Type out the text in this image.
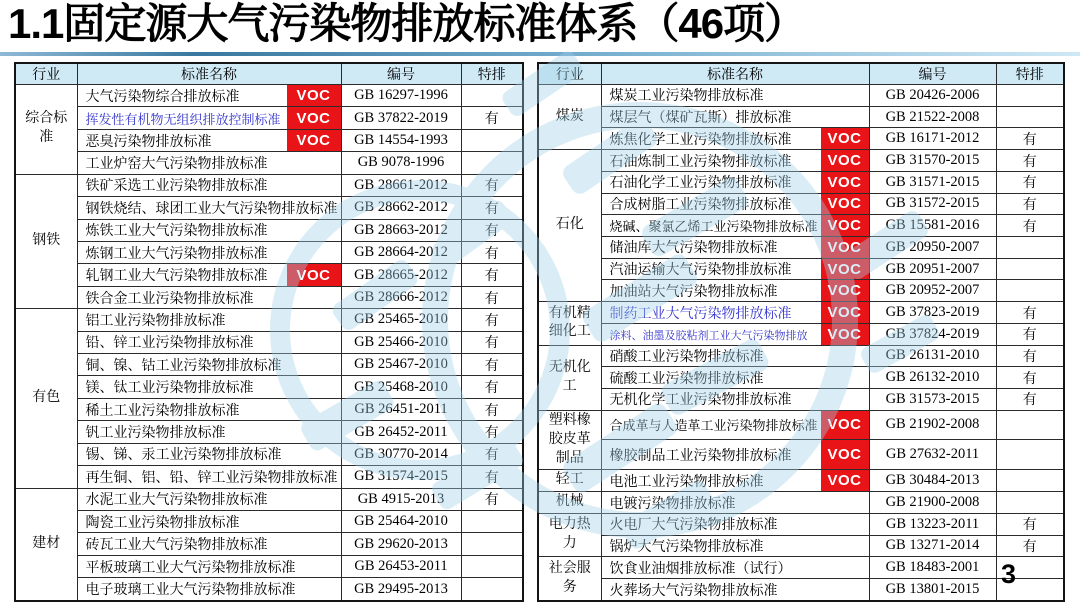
1.1固定源大气污染物排放标准体系（46项）
行业	标准名称	编号	特排
综合标准	大气污染物综合排放标准 VOC	GB 16297-1996	
	挥发性有机物无组织排放控制标准 VOC	GB 37822-2019	有
	恶臭污染物排放标准 VOC	GB 14554-1993	
	工业炉窑大气污染物排放标准	GB 9078-1996	
钢铁	铁矿采选工业污染物排放标准	GB 28661-2012	有
	钢铁烧结、球团工业大气污染物排放标准	GB 28662-2012	有
	炼铁工业大气污染物排放标准	GB 28663-2012	有
	炼钢工业大气污染物排放标准	GB 28664-2012	有
	轧钢工业大气污染物排放标准 VOC	GB 28665-2012	有
	铁合金工业污染物排放标准	GB 28666-2012	有
有色	铝工业污染物排放标准	GB 25465-2010	有
	铅、锌工业污染物排放标准	GB 25466-2010	有
	铜、镍、钴工业污染物排放标准	GB 25467-2010	有
	镁、钛工业污染物排放标准	GB 25468-2010	有
	稀土工业污染物排放标准	GB 26451-2011	有
	钒工业污染物排放标准	GB 26452-2011	有
	锡、锑、汞工业污染物排放标准	GB 30770-2014	有
	再生铜、铝、铅、锌工业污染物排放标准	GB 31574-2015	有
建材	水泥工业大气污染物排放标准	GB 4915-2013	有
	陶瓷工业污染物排放标准	GB 25464-2010	
	砖瓦工业大气污染物排放标准	GB 29620-2013	
	平板玻璃工业大气污染物排放标准	GB 26453-2011	
	电子玻璃工业大气污染物排放标准	GB 29495-2013	
行业	标准名称	编号	特排
煤炭	煤炭工业污染物排放标准	GB 20426-2006	
	煤层气（煤矿瓦斯）排放标准	GB 21522-2008	
	炼焦化学工业污染物排放标准 VOC	GB 16171-2012	有
石化	石油炼制工业污染物排放标准 VOC	GB 31570-2015	有
	石油化学工业污染物排放标准 VOC	GB 31571-2015	有
	合成树脂工业污染物排放标准 VOC	GB 31572-2015	有
	烧碱、聚氯乙烯工业污染物排放标准 VOC	GB 15581-2016	有
	储油库大气污染物排放标准 VOC	GB 20950-2007	
	汽油运输大气污染物排放标准 VOC	GB 20951-2007	
	加油站大气污染物排放标准 VOC	GB 20952-2007	
有机精细化工	制药工业大气污染物排放标准 VOC	GB 37823-2019	有
	涂料、油墨及胶粘剂工业大气污染物排放 VOC	GB 37824-2019	有
无机化工	硝酸工业污染物排放标准	GB 26131-2010	有
	硫酸工业污染物排放标准	GB 26132-2010	有
	无机化学工业污染物排放标准	GB 31573-2015	有
塑料橡胶皮革制品	合成革与人造革工业污染物排放标准 VOC	GB 21902-2008	
	橡胶制品工业污染物排放标准 VOC	GB 27632-2011	
轻工	电池工业污染物排放标准 VOC	GB 30484-2013	
机械	电镀污染物排放标准	GB 21900-2008	
电力热力	火电厂大气污染物排放标准	GB 13223-2011	有
	锅炉大气污染物排放标准	GB 13271-2014	有
社会服务	饮食业油烟排放标准（试行）	GB 18483-2001	
	火葬场大气污染物排放标准	GB 13801-2015	
3
